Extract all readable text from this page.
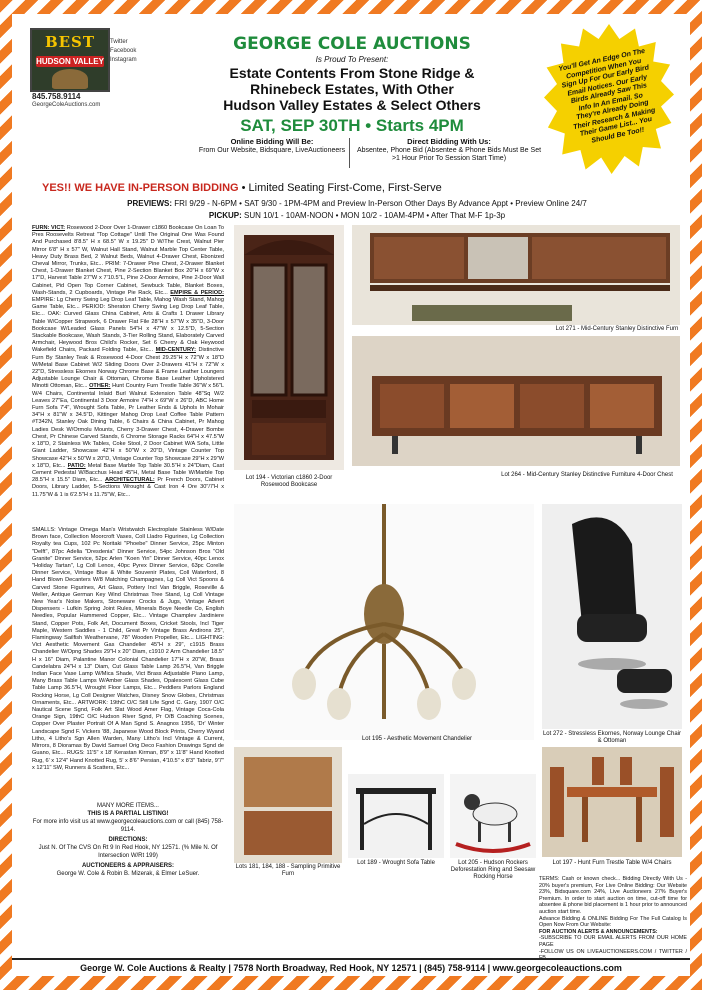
BEST
HUDSON VALLEY
Twitter
Facebook
Instagram
845.758.9114
GeorgeColeAuctions.com
GEORGE COLE AUCTIONS
Is Proud To Present:
Estate Contents From Stone Ridge &
Rhinebeck Estates, With Other
Hudson Valley Estates & Select Others
SAT, SEP 30TH • Starts 4PM
Online Bidding Will Be:
From Our Website, Bidsquare, LiveAuctioneers
Direct Bidding With Us:
Absentee, Phone Bid (Absentee & Phone Bids Must Be Set >1 Hour Prior To Session Start Time)
You'll Get An Edge On The Competition When You Sign Up For Our Early Bird Email Notices. Our Early Birds Already Saw This Info In An Email. So They're Already Doing Their Research & Making Their Game List... You Should Be Too!!
YES!! WE HAVE IN-PERSON BIDDING • Limited Seating First-Come, First-Serve
PREVIEWS: FRI 9/29 - N-6PM • SAT 9/30 - 1PM-4PM and Preview In-Person Other Days By Advance Appt • Preview Online 24/7
PICKUP: SUN 10/1 - 10AM-NOON • MON 10/2 - 10AM-4PM • After That M-F 1p-3p
FURN: VICT: Rosewood 2-Door Over 1-Drawer c1860 Bookcase On Loan To Pres Roosevelts Retreat "Top Cottage" Until The Original One Was Found And Purchased 8'8.5" H x 68.5" W x 19.25" D W/The Crest, Walnut Pier Mirror 6'8" H x 57" W, Walnut Hall Stand, Walnut Marble Top Center Table, Heavy Duty Brass Bed, 2 Walnut Beds, Walnut 4-Drawer Chest, Ebonized Cheval Mirror, Trunks, Etc... PRIM: 7-Drawer Pine Chest, 2-Drawer Blanket Chest, 1-Drawer Blanket Chest, Pine 2-Section Blanket Box 20"H x 69"W x 17"D, Harvest Table 27"W x 7'10.5"L, Pine 2-Door Armoire, Pine 2-Door Wall Cabinet, Pid Open Top Corner Cabinet, Sewbuck Table, Blanket Boxes, Wash-Stands, 2 Cupboards, Vintage Pie Rack, Etc... EMPIRE & PERIOD: EMPIRE: Lg Cherry Swing Leg Drop Leaf Table, Mahog Wash Stand, Mahog Game Table, Etc... PERIOD: Sheraton Cherry Swing Leg Drop Leaf Table, Etc... OAK: Curved Glass China Cabinet, Arts & Crafts 1 Drawer Library Table W/Copper Strapwork, 6 Drawer Flat File 28"H x 57"W x 35"D, 3-Door Bookcase W/Leaded Glass Panels 54"H x 47"W x 12.5"D, 5-Section Stackable Bookcase, Wash Stands, 3-Tier Rolling Stand, Elaborately Carved Armchair, Heywood Bros Child's Rocker, Set 6 Cherry & Oak Heywood Wakefield Chairs, Packard Folding Table, Etc... MID-CENTURY: Distinctive Furn By Stanley Teak & Rosewood 4-Door Chest 29.25"H x 72"W x 18"D W/Metal Base Cabinet W/2 Sliding Doors Over 2-Drawers 41"H x 72"W x 22"D, Stressless Ekornes Norway Chrome Base & Frame Leather Loungers Adjustable Lounge Chair & Ottoman, Chrome Base Leather Upholstered Minotti Ottoman, Etc... OTHER: Hunt Country Furn Trestle Table 36"W x 56"L W/4 Chairs, Continental Inlaid Burl Walnut Extension Table 48"Sq W/2 Leaves 27"Ea, Continental 3 Door Armoire 74"H x 69"W x 26"D, ABC Home Furn Sofa 7'4", Wrought Sofa Table, Pr Leather Ends & Uphols In Mohair 34"H x 81"W x 34.5"D, Kittinger Mahog Drop Leaf Coffee Table Pattern #T342N, Stanley Oak Dining Table, 6 Chairs & China Cabinet, Pr Mahog Ladies Desk W/Ormolu Mounts, Cherry 3-Drawer Chest, 4-Drawer Bombe Chest, Pr Chinese Carved Stands, 6 Chrome Storage Racks 64"H x 47.5"W x 18"D, 2 Stainless Wk Tables, Coke Stool, 2 Door Cabinet W/A Sofa, Little Giant Ladder, Showcase 42"H x 50"W x 20"D, Vintage Counter Top Showcase 42"H x 50"W x 20"D, Vintage Counter Top Showcase 29"H x 29"W x 18"D, Etc... PATIO: Metal Base Marble Top Table 30.5"H x 24"Diam, Cast Cement Pedestal W/Bacchus Head 45"H, Metal Base Table W/Marble Top 28.5"H x 15.5" Diam, Etc... ARCHITECTURAL: Pr French Doors, Cabinet Doors, Library Ladder, 5-Sections Wrought & Cast Iron 4 Ore 30"/7'H x 11.75"W & 1 is 6'2.5"H x 11.75"W, Etc...
SMALLS: Vintage Omega Man's Wristwatch Electroplate Stainless W/Date Brown face, Collection Moorcroft Vases, Coll Lladro Figurines, Lg Collection Royalty tea Cups, 102 Pc Noritaki "Phoebe" Dinner Service, 25pc Minton "Delft", 87pc Adelia "Dresdenia" Dinner Service, 54pc Johnson Bros "Old Granite" Dinner Service, 52pc Arlen "Koen Yin" Dinner Service, 40pc Lenox "Holiday Tartan", Lg Coll Lenox, 40pc Pyrex Dinner Service, 63pc Corelle Dinner Service, Vintage Blue & White Souvenir Plates, Coll Waterford, 8 Hand Blown Decanters W/8 Matching Champagnes, Lg Coll Vict Spoons & Carved Stone Figurines, Art Glass, Pottery Incl Van Briggle, Roseville & Weller, Antique German Key Wind Christmas Tree Stand, Lg Coll Vintage New Year's Noise Makers, Stoneware Crocks & Jugs, Vintage Advert Dispensers - Lufkin Spring Joint Rules, Minerals Boye Needle Co, English Needles, Popular Hammered Copper, Etc... Vintage Champlev Jardiniere Stand, Copper Pots, Folk Art, Document Boxes, Cricket Stools, Incl Tiger Maple, Western Saddles - 1 Child, Great Pr Vintage Brass Andirons 25", Flamingway Sailfish Weathervane, 78" Wooden Propeller, Etc... LIGHTING: Vict Aesthetic Movement Gas Chandelier 45"H x 29", c1915 Brass Chandelier W/Opng Shades 29"H x 20" Diam, c1910 2 Arm Chandelier 18.5" H x 16" Diam, Palantine Manor Colonial Chandelier 17"H x 20"W, Brass Candelabra 24"H x 13" Diam, Cut Glass Table Lamp 26.5"H, Van Briggle Indian Face Vase Lamp W/Mica Shade, Vict Brass Adjustable Piano Lamp, Many Brass Table Lamps W/Amber Glass Shades, Opalescent Glass Cube Table Lamp 36.5"H, Wrought Floor Lamps, Etc... Peddlers Parlors England Rocking Horse, Lg Coll Designer Watches, Disney Snow Globes, Christmas Ornaments, Etc... ARTWORK: 19thC O/C Still Life Sgnd C. Gary, 1907 O/C Nautical Scene Sgnd, Folk Art Slat Wood Amer Flag, Vintage Coca-Cola Orange Sign, 19thC O/C Hudson River Sgnd, Pr O/B Coaching Scenes, Copper Over Plaster Portrait Of A Man Sgnd S. Anagnos 1956, 'Dr' Winter Landscape Sgnd F. Vickers '88, Japanese Wood Block Prints, Cherry Wyand Litho, 4 Litho's Sgn Allen Warden, Many Litho's Incl Vintage & Current, Mirrors, 8 Dioramas By David Samuel Orig Deco Fashion Drawings Sgnd de Guano, Etc... RUGS: 11'5" x 18' Kerastan Kirman, 8'9" x 11'8" Hand Knotted Rug, 6' x 12'4" Hand Knotted Rug, 5' x 8'6" Persian, 4'10.5" x 8'3" Tabriz, 9'7" x 12'11" SW, Runners & Scatters, Etc...
MANY MORE ITEMS...
THIS IS A PARTIAL LISTING!
For more info visit us at www.georgecoleauctions.com or call (845) 758-9114.
DIRECTIONS:
Just N. Of The CVS On Rt 9 In Red Hook, NY 12571. (% Mile N. Of Intersection W/Rt 199)
AUCTIONEERS & APPRAISERS:
George W. Cole & Robin B. Mizerak, & Elmer LeSuer.
Lot 194 - Victorian c1860 2-Door Rosewood Bookcase
Lot 271 - Mid-Century Stanley Distinctive Furn
Lot 264 - Mid-Century Stanley Distinctive Furniture 4-Door Chest
Lot 195 - Aesthetic Movement Chandelier
Lot 272 - Stressless Ekornes, Norway Lounge Chair & Ottoman
Lot 197 - Hunt Furn Trestle Table W/4 Chairs
Lots 181, 184, 188 - Sampling Primitive Furn
Lot 189 - Wrought Sofa Table	Lot 205 - Hudson Rockers Deforestation Ring and Seesaw Rocking Horse	TERMS: Cash or known check... Bidding Directly With Us - 20% buyer's premium, For Live Online Bidding: Our Website 23%, Bidsquare.com 24%, Live Auctioneers 27% Buyer's Premium. In order to start auction on time, cut-off time for absentee & phone bid placement is 1 hour prior to announced auction start time.
Advance Bidding & ONLINE Bidding For The Full Catalog Is Open Now From Our Website:
FOR AUCTION ALERTS & ANNOUNCEMENTS:
-SUBSCRIBE TO OUR EMAIL ALERTS FROM OUR HOME PAGE
-FOLLOW US ON LIVEAUCTIONEERS.COM / TWITTER / FB
George W. Cole Auctions & Realty | 7578 North Broadway, Red Hook, NY 12571 | (845) 758-9114 | www.georgecoleauctions.com
